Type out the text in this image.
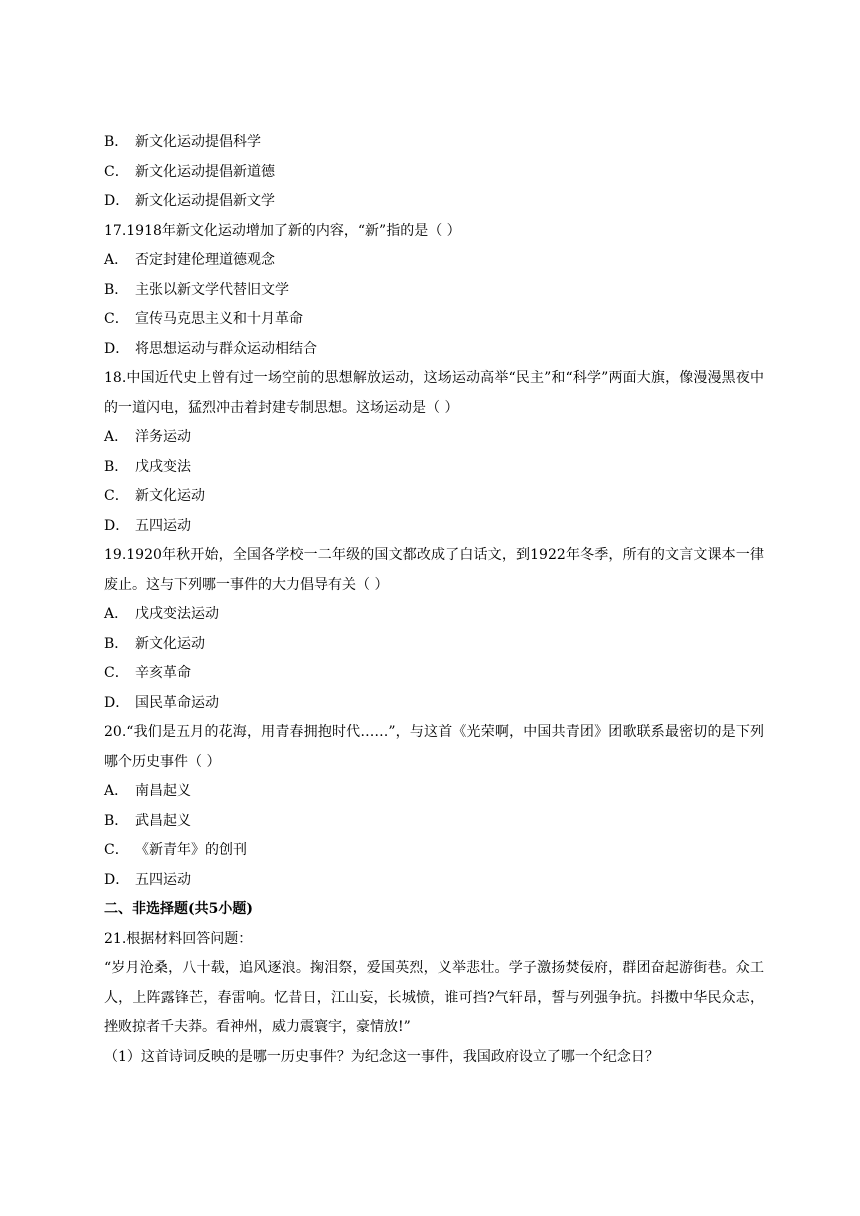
B． 新文化运动提倡科学

C． 新文化运动提倡新道德

D． 新文化运动提倡新文学

17.1918年新文化运动增加了新的内容，“新”指的是（ ）

A． 否定封建伦理道德观念

B． 主张以新文学代替旧文学

C． 宣传马克思主义和十月革命

D． 将思想运动与群众运动相结合

18.中国近代史上曾有过一场空前的思想解放运动，这场运动高举“民主”和“科学”两面大旗，像漫漫黑夜中的一道闪电，猛烈冲击着封建专制思想。这场运动是（ ）

A． 洋务运动

B． 戊戌变法

C． 新文化运动

D． 五四运动

19.1920年秋开始，全国各学校一二年级的国文都改成了白话文，到1922年冬季，所有的文言文课本一律废止。这与下列哪一事件的大力倡导有关（ ）

A． 戊戌变法运动

B． 新文化运动

C． 辛亥革命

D． 国民革命运动

20.“我们是五月的花海，用青春拥抱时代……”，与这首《光荣啊，中国共青团》团歌联系最密切的是下列哪个历史事件（ ）

A． 南昌起义

B． 武昌起义

C． 《新青年》的创刊

D． 五四运动

二、非选择题(共5小题)

21.根据材料回答问题：

“岁月沧桑，八十载，追风逐浪。掬泪祭，爱国英烈，义举悲壮。学子激扬焚佞府，群团奋起游街巷。众工人，上阵露锋芒，春雷响。忆昔日，江山妄，长城愤，谁可挡?气轩昂，誓与列强争抗。抖擞中华民众志，挫败掠者千夫莽。看神州，威力震寰宇，豪情放!”

（1）这首诗词反映的是哪一历史事件？为纪念这一事件，我国政府设立了哪一个纪念日？
